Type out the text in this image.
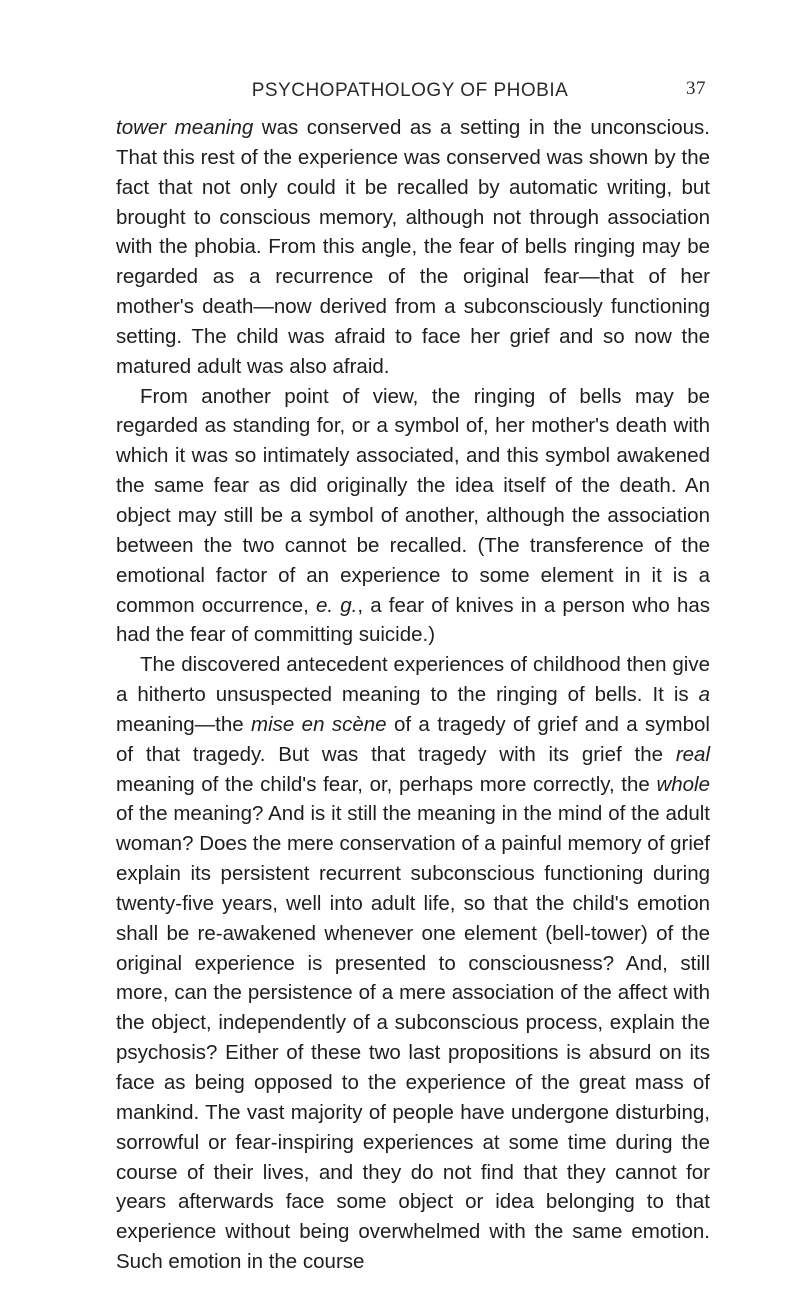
PSYCHOPATHOLOGY OF PHOBIA	37

tower meaning was conserved as a setting in the unconscious. That this rest of the experience was conserved was shown by the fact that not only could it be recalled by automatic writing, but brought to conscious memory, although not through association with the phobia. From this angle, the fear of bells ringing may be regarded as a recurrence of the original fear—that of her mother's death—now derived from a subconsciously functioning setting. The child was afraid to face her grief and so now the matured adult was also afraid.

From another point of view, the ringing of bells may be regarded as standing for, or a symbol of, her mother's death with which it was so intimately associated, and this symbol awakened the same fear as did originally the idea itself of the death. An object may still be a symbol of another, although the association between the two cannot be recalled. (The transference of the emotional factor of an experience to some element in it is a common occurrence, e. g., a fear of knives in a person who has had the fear of committing suicide.)

The discovered antecedent experiences of childhood then give a hitherto unsuspected meaning to the ringing of bells. It is a meaning—the mise en scène of a tragedy of grief and a symbol of that tragedy. But was that tragedy with its grief the real meaning of the child's fear, or, perhaps more correctly, the whole of the meaning? And is it still the meaning in the mind of the adult woman? Does the mere conservation of a painful memory of grief explain its persistent recurrent subconscious functioning during twenty-five years, well into adult life, so that the child's emotion shall be re-awakened whenever one element (bell-tower) of the original experience is presented to consciousness? And, still more, can the persistence of a mere association of the affect with the object, independently of a subconscious process, explain the psychosis? Either of these two last propositions is absurd on its face as being opposed to the experience of the great mass of mankind. The vast majority of people have undergone disturbing, sorrowful or fear-inspiring experiences at some time during the course of their lives, and they do not find that they cannot for years afterwards face some object or idea belonging to that experience without being overwhelmed with the same emotion. Such emotion in the course
